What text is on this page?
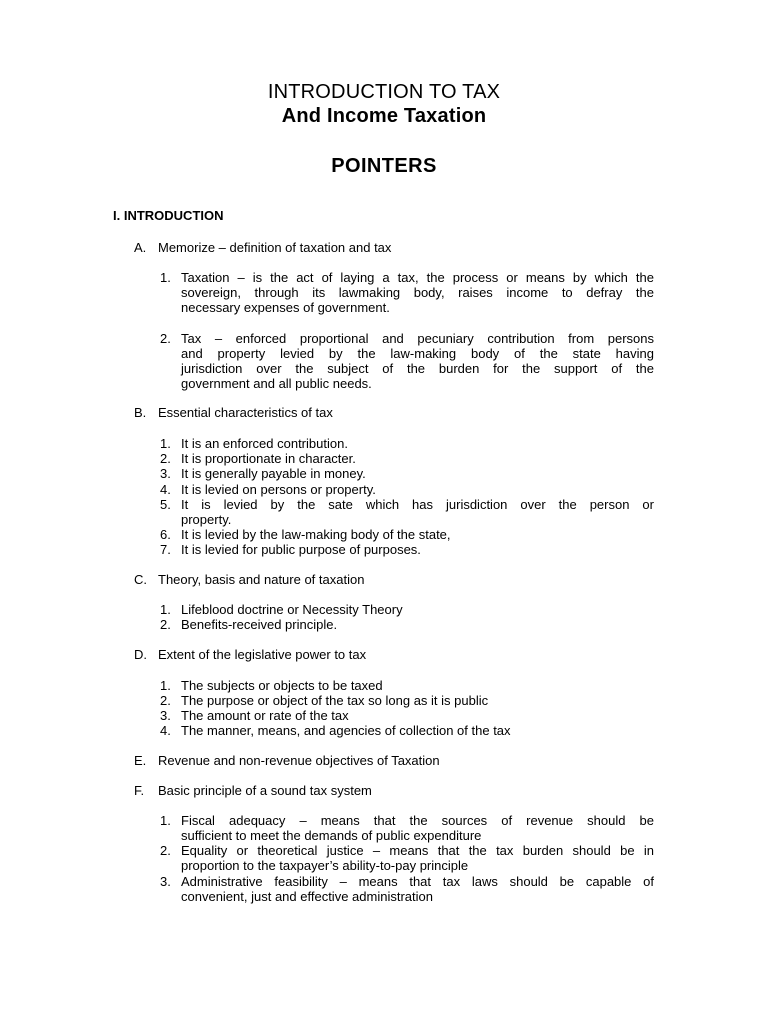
INTRODUCTION TO TAX
And Income Taxation
POINTERS
I. INTRODUCTION
A. Memorize – definition of taxation and tax
1. Taxation – is the act of laying a tax, the process or means by which the
sovereign, through its lawmaking body, raises income to defray the
necessary expenses of government.
2. Tax – enforced proportional and pecuniary contribution from persons
and property levied by the law-making body of the state having
jurisdiction over the subject of the burden for the support of the
government and all public needs.
B. Essential characteristics of tax
1. It is an enforced contribution.
2. It is proportionate in character.
3. It is generally payable in money.
4. It is levied on persons or property.
5. It is levied by the sate which has jurisdiction over the person or
property.
6. It is levied by the law-making body of the state,
7. It is levied for public purpose of purposes.
C. Theory, basis and nature of taxation
1. Lifeblood doctrine or Necessity Theory
2. Benefits-received principle.
D. Extent of the legislative power to tax
1. The subjects or objects to be taxed
2. The purpose or object of the tax so long as it is public
3. The amount or rate of the tax
4. The manner, means, and agencies of collection of the tax
E. Revenue and non-revenue objectives of Taxation
F. Basic principle of a sound tax system
1. Fiscal adequacy – means that the sources of revenue should be
sufficient to meet the demands of public expenditure
2. Equality or theoretical justice – means that the tax burden should be in
proportion to the taxpayer’s ability-to-pay principle
3. Administrative feasibility – means that tax laws should be capable of
convenient, just and effective administration
